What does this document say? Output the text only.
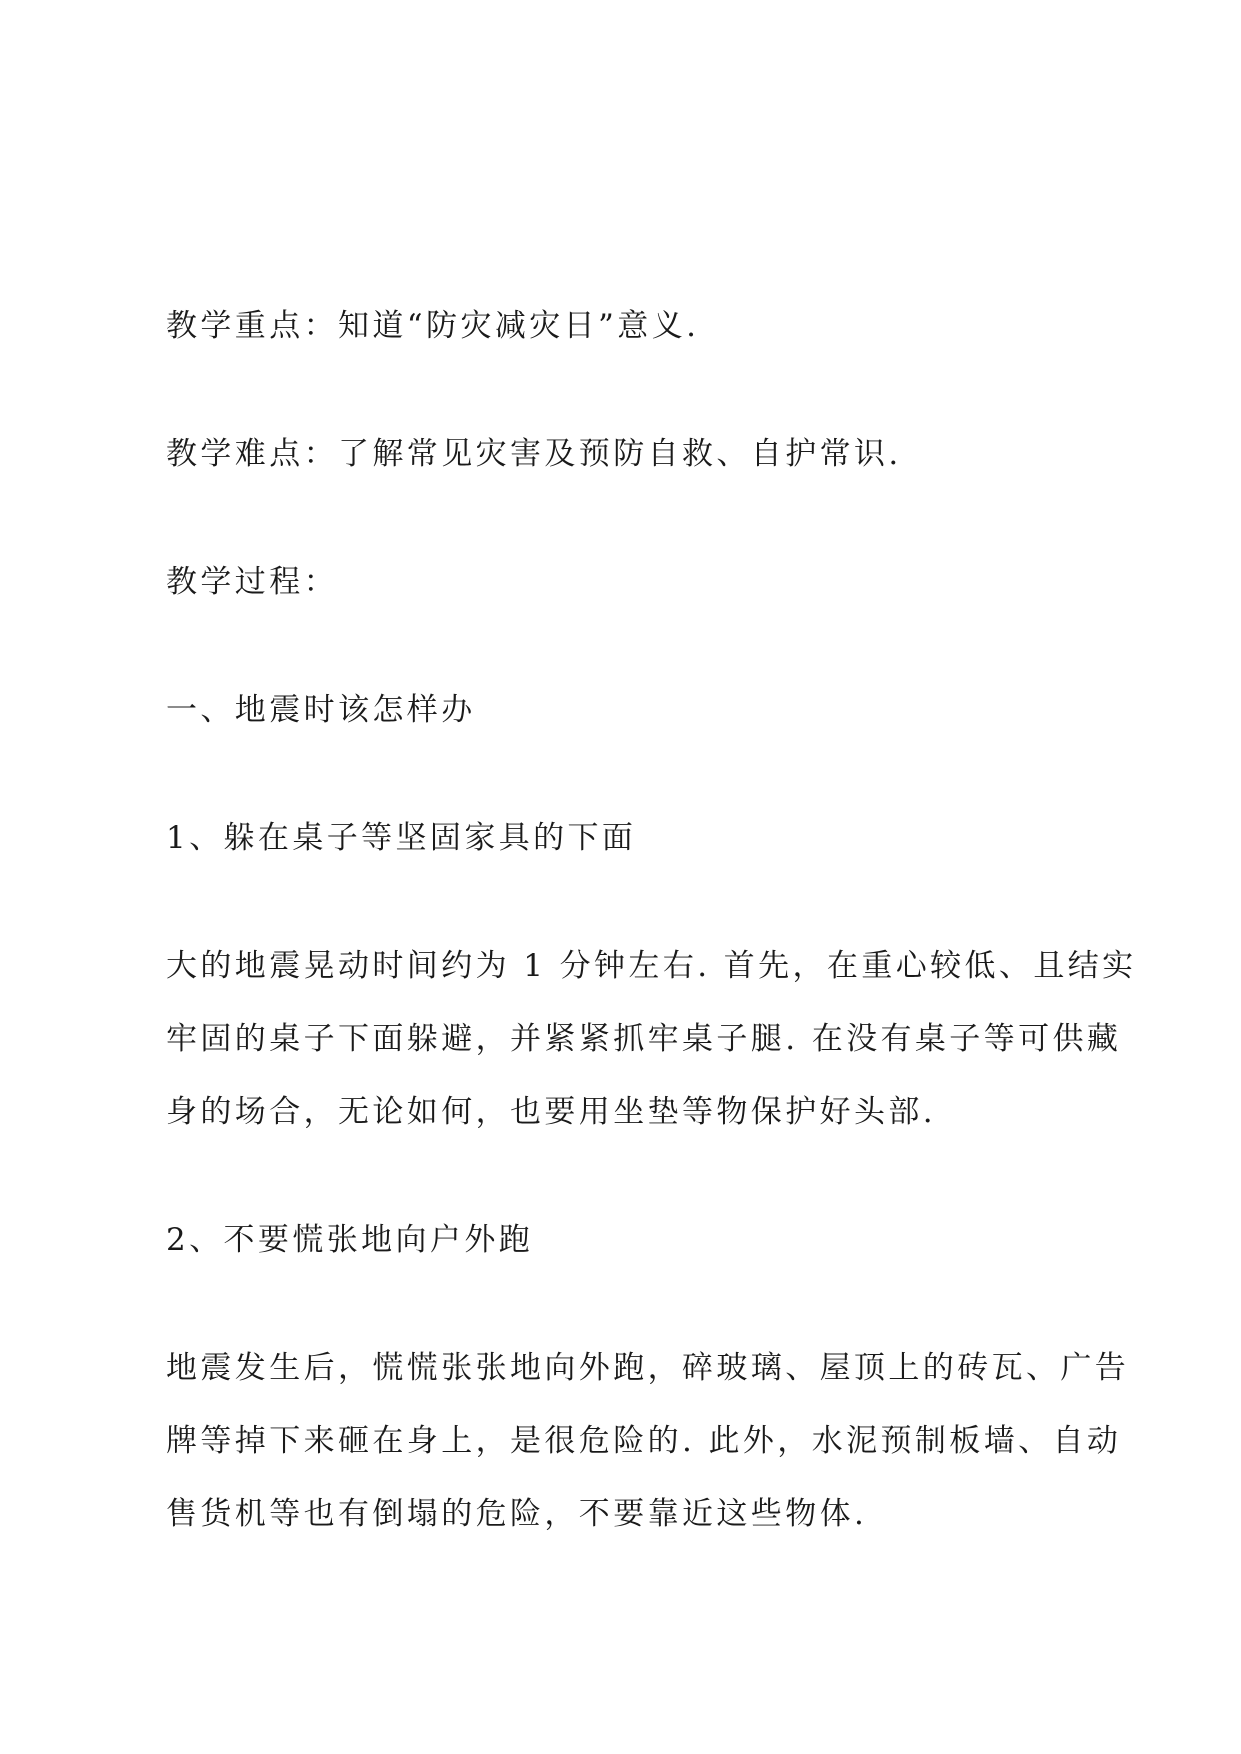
教学重点：知道“防灾减灾日”意义.

教学难点：了解常见灾害及预防自救、自护常识.

教学过程：

一、地震时该怎样办

1、躲在桌子等坚固家具的下面

大的地震晃动时间约为 1 分钟左右. 首先，在重心较低、且结实

牢固的桌子下面躲避，并紧紧抓牢桌子腿. 在没有桌子等可供藏

身的场合，无论如何，也要用坐垫等物保护好头部.

2、不要慌张地向户外跑

地震发生后，慌慌张张地向外跑，碎玻璃、屋顶上的砖瓦、广告

牌等掉下来砸在身上，是很危险的. 此外，水泥预制板墙、自动

售货机等也有倒塌的危险，不要靠近这些物体.
